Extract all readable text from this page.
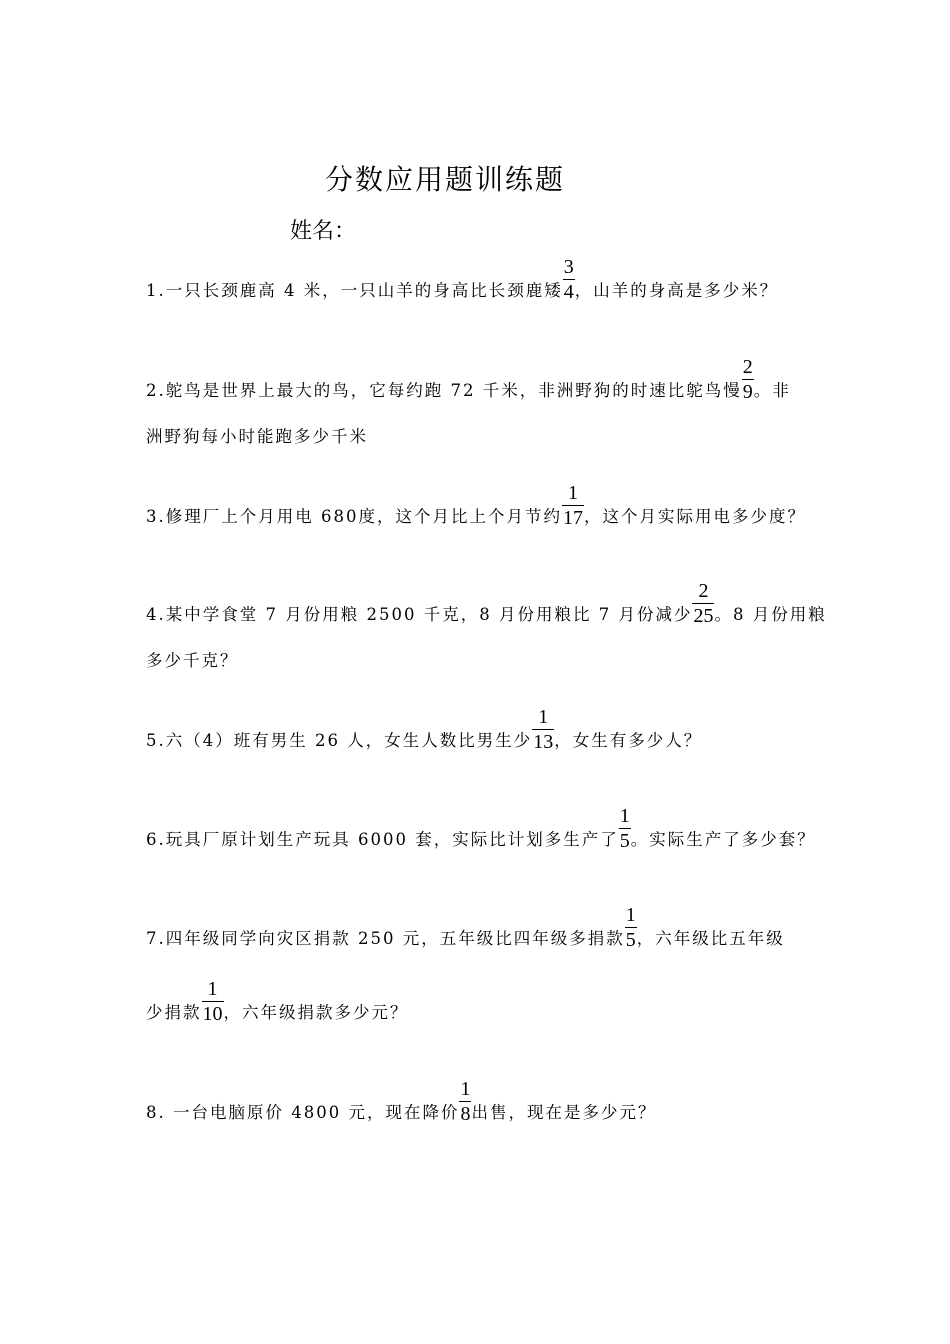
分数应用题训练题
姓名：
1.一只长颈鹿高 4 米，一只山羊的身高比长颈鹿矮 $\frac{3}{4}$ ，山羊的身高是多少米？
2.鸵鸟是世界上最大的鸟，它每约跑 72 千米，非洲野狗的时速比鸵鸟慢 $\frac{2}{9}$ 。非
洲野狗每小时能跑多少千米
3.修理厂上个月用电 680度，这个月比上个月节约 $\frac{1}{17}$ ，这个月实际用电多少度？
4.某中学食堂 7 月份用粮 2500 千克，8 月份用粮比 7 月份减少 $\frac{2}{25}$ 。8 月份用粮
多少千克？
5.六（4）班有男生 26 人，女生人数比男生少 $\frac{1}{13}$ ，女生有多少人？
6.玩具厂原计划生产玩具 6000 套，实际比计划多生产了 $\frac{1}{5}$ 。实际生产了多少套？
7.四年级同学向灾区捐款 250 元，五年级比四年级多捐款 $\frac{1}{5}$ ，六年级比五年级
少捐款 $\frac{1}{10}$ ，六年级捐款多少元？
8. 一台电脑原价 4800 元，现在降价 $\frac{1}{8}$ 出售，现在是多少元？
